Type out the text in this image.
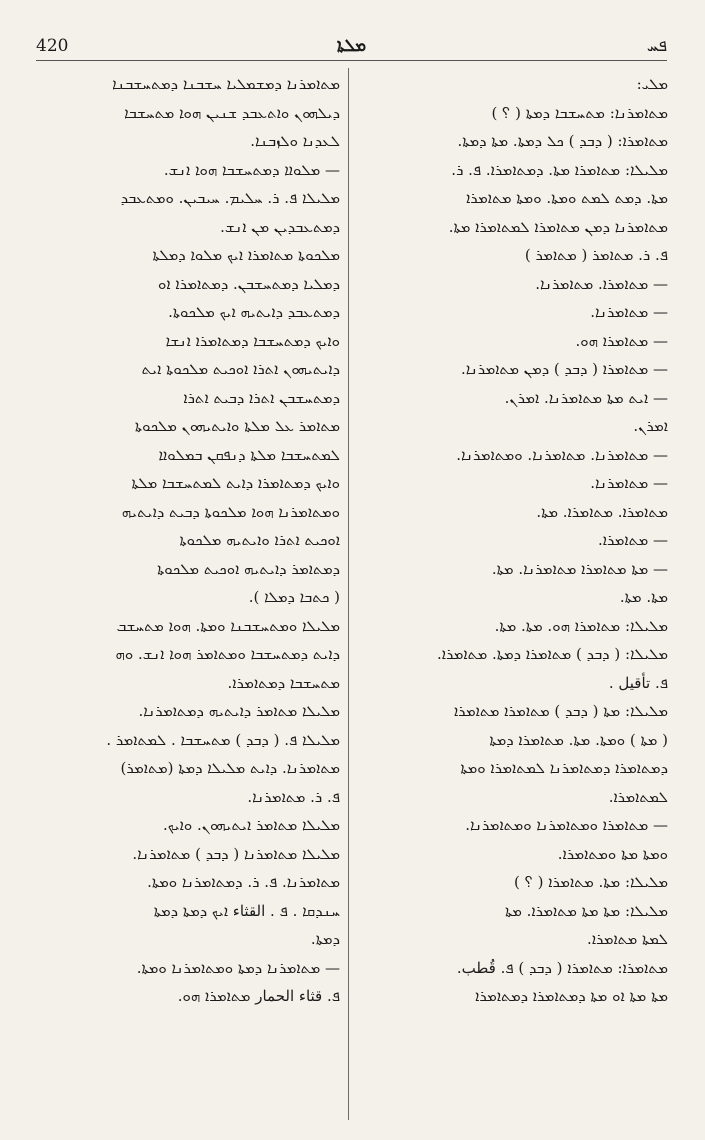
420	ܡܠܬܐ	ܦܚ

ܡܠܝ:

ܡܬܐܡܪܢܐ: ܡܬܚܫܒܐ ܕܡܬܐ ( ؟ )

ܡܬܐܡܪܐ: ( ܕܒܕ ) ܟܠ ܕܡܬܐ. ܡܬܐ ܕܡܬܐ.

ܡܠܝܠܐ: ܡܬܐܡܪܐ ܡܬܐ. ܕܡܬܐܡܪܐ. ܦ. ܪ.

ܡܬܐ. ܕܡܬ ܠܡܬ ܘܡܬܐ. ܘܡܬܐ ܡܬܐܡܪܐ

ܡܬܐܡܪܢܐ ܕܡܢ ܡܬܐܡܪܐ ܠܡܬܐܡܪܐ ܡܬܐ.

ܦ. ܪ. ܡܬܐܡܪ ( ܡܬܐܡܪ )

— ܡܬܐܡܪܐ. ܡܬܐܡܪܢܐ.

— ܡܬܐܡܪܢܐ.

— ܡܬܐܡܪܐ ܗܘ.

— ܡܬܐܡܪܐ ( ܕܒܕ ) ܕܡܢ ܡܬܐܡܪܢܐ.

— ܐܝܬ ܡܬܐ ܡܬܐܡܪܢܐ. ܐܡܪܢ.

ܐܡܪܢ.

— ܡܬܐܡܪܢܐ. ܡܬܐܡܪܢܐ. ܘܡܬܐܡܪܢܐ.

— ܡܬܐܡܪܢܐ.

ܡܬܐܡܪܐ. ܡܬܐܡܪܐ. ܡܬܐ.

— ܡܬܐܡܪܐ.

— ܡܬܐ ܡܬܐܡܪܐ ܡܬܐܡܪܢܐ. ܡܬܐ.

ܡܬܐ. ܡܬܐ.

ܡܠܝܠܐ: ܡܬܐܡܪܐ ܗܘ. ܡܬܐ. ܡܬܐ.

ܡܠܝܠܐ: ( ܕܒܕ ) ܡܬܐܡܪܐ ܕܡܬܐ. ܡܬܐܡܪܐ.

ܦ. تأقيل .

ܡܠܝܠܐ: ܡܬܐ ( ܕܒܕ ) ܡܬܐܡܪܐ ܡܬܐܡܪܐ

( ܡܬܐ ) ܘܡܬܐ. ܡܬܐ. ܡܬܐܡܪܐ ܕܡܬܐ

ܕܡܬܐܡܪܐ ܕܡܬܐܡܪܢܐ ܠܡܬܐܡܪܐ ܘܡܬܐ

ܠܡܬܐܡܪܐ.

— ܡܬܐܡܪܐ ܘܡܬܐܡܪܢܐ ܘܡܬܐܡܪܢܐ.

ܘܡܬܐ ܡܬܐ ܘܡܬܐܡܪܐ.

ܡܠܝܠܐ: ܡܬܐ. ܡܬܐܡܪܐ ( ؟ )

ܡܠܝܠܐ: ܡܬܐ ܡܬܐ ܡܬܐܡܪܐ. ܡܬܐ

ܠܡܬܐ ܡܬܐܡܪܐ.

ܡܬܐܡܪܐ: ܡܬܐܡܪܐ ( ܕܒܕ ) ܦ. قُطب.

ܡܬܐ ܡܬܐ ܐܘ ܡܬܐ ܕܡܬܐܡܪܐ ܕܡܬܐܡܪܐ

ܡܬܐܡܪܢܐ ܕܡܫܡܠܝܐ ܚܫܒܢܐ ܕܡܬܚܫܒܢܐ

ܕܝܠܗܘܢ ܘܐܬܥܒܕ ܫܢܝܢ ܗܘܐ ܡܬܚܫܒܐ

ܠܥܕܢܐ ܘܠܙܒܢܐ.

— ܡܠܘܐܐ ܕܡܬܚܫܒܐ ܗܘܐ ܐܢܫ.

ܡܠܝܠܐ ܦ. ܪ. ܚܠܝܡ. ܚܝܒܝܢ. ܘܡܬܥܒܕ

ܕܡܬܥܒܕܝܢ ܡܢ ܐܢܫ.

ܡܠܟܘܬܐ ܡܬܐܡܪܐ ܐܝܟ ܡܠܘܐ ܕܡܠܬܐ

ܕܡܠܝܐ ܕܡܬܚܫܒܢ. ܕܡܬܐܡܪܐ ܐܘ

ܕܡܬܥܒܕ ܕܐܝܬܝܗ ܐܝܟ ܡܠܟܘܬܐ.

ܘܐܝܟ ܕܡܬܚܫܒܐ ܕܡܬܐܡܪܐ ܐܢܫܐ

ܕܐܝܬܝܗܘܢ ܐܬܪܐ ܐܘܟܝܬ ܡܠܟܘܬܐ ܐܝܬ

ܕܡܬܚܫܒܢ ܐܬܪܐ ܕܒܝܬ ܐܬܪܐ

ܡܬܐܡܪ ܥܠ ܡܠܬܐ ܘܐܝܬܝܗܘܢ ܡܠܟܘܬܐ

ܠܡܬܚܫܒܐ ܡܠܬܐ ܕܢܦܩܢ ܒܡܠܘܐܐ

ܘܐܝܟ ܕܡܬܐܡܪܐ ܕܐܝܬ ܠܡܬܚܫܒܐ ܡܠܬܐ

ܘܡܬܐܡܪܢܐ ܗܘܐ ܡܠܟܘܬܐ ܕܒܝܬ ܕܐܝܬܝܗ

ܐܘܟܝܬ ܐܬܪܐ ܘܐܝܬܝܗ ܡܠܟܘܬܐ

ܕܡܬܐܡܪ ܕܐܝܬܝܗ ܐܘܟܝܬ ܡܠܟܘܬܐ

( ܟܬܒܐ ܕܡܠܐ ).

ܡܠܝܠܐ ܘܡܬܚܫܒܢܐ ܘܡܬܐ. ܗܘܐ ܡܬܚܫܒ

ܕܐܝܬ ܕܡܬܚܫܒܐ ܘܡܬܐܡܪ ܗܘܐ ܐܢܫ. ܘܗ

ܡܬܚܫܒܐ ܕܡܬܐܡܪܐ.

ܡܠܝܠܐ ܡܬܐܡܪ ܕܐܝܬܝܗ ܕܡܬܐܡܪܢܐ.

ܡܠܝܠܐ ܦ. ( ܕܒܕ ) ܡܬܚܫܒܐ . ܠܡܬܐܡܪ .

ܡܬܐܡܪܢܐ. ܕܐܝܬ ܡܠܝܠܐ ܕܡܬܐ (ܡܬܐܡܪ)

ܦ. ܪ. ܡܬܐܡܪܢܐ.

ܡܠܝܠܐ ܡܬܐܡܪ ܐܝܬܝܗܘܢ. ܘܐܝܟ.

ܡܠܝܠܐ ܡܬܐܡܪܢܐ ( ܕܒܕ ) ܡܬܐܡܪܢܐ.

ܡܬܐܡܪܢܐ. ܦ. ܪ. ܕܡܬܐܡܪܢܐ ܘܡܬܐ.

ܚܢܕܩܐ . ܦ . القثاء ܐܝܟ ܕܡܬܐ ܕܡܬܐ

ܕܡܬܐ.

— ܡܬܐܡܪܢܐ ܕܡܬܐ ܘܡܬܐܡܪܢܐ ܘܡܬܐ.

ܦ. قثاء الحمار ܡܬܐܡܪܐ ܗܘ.
